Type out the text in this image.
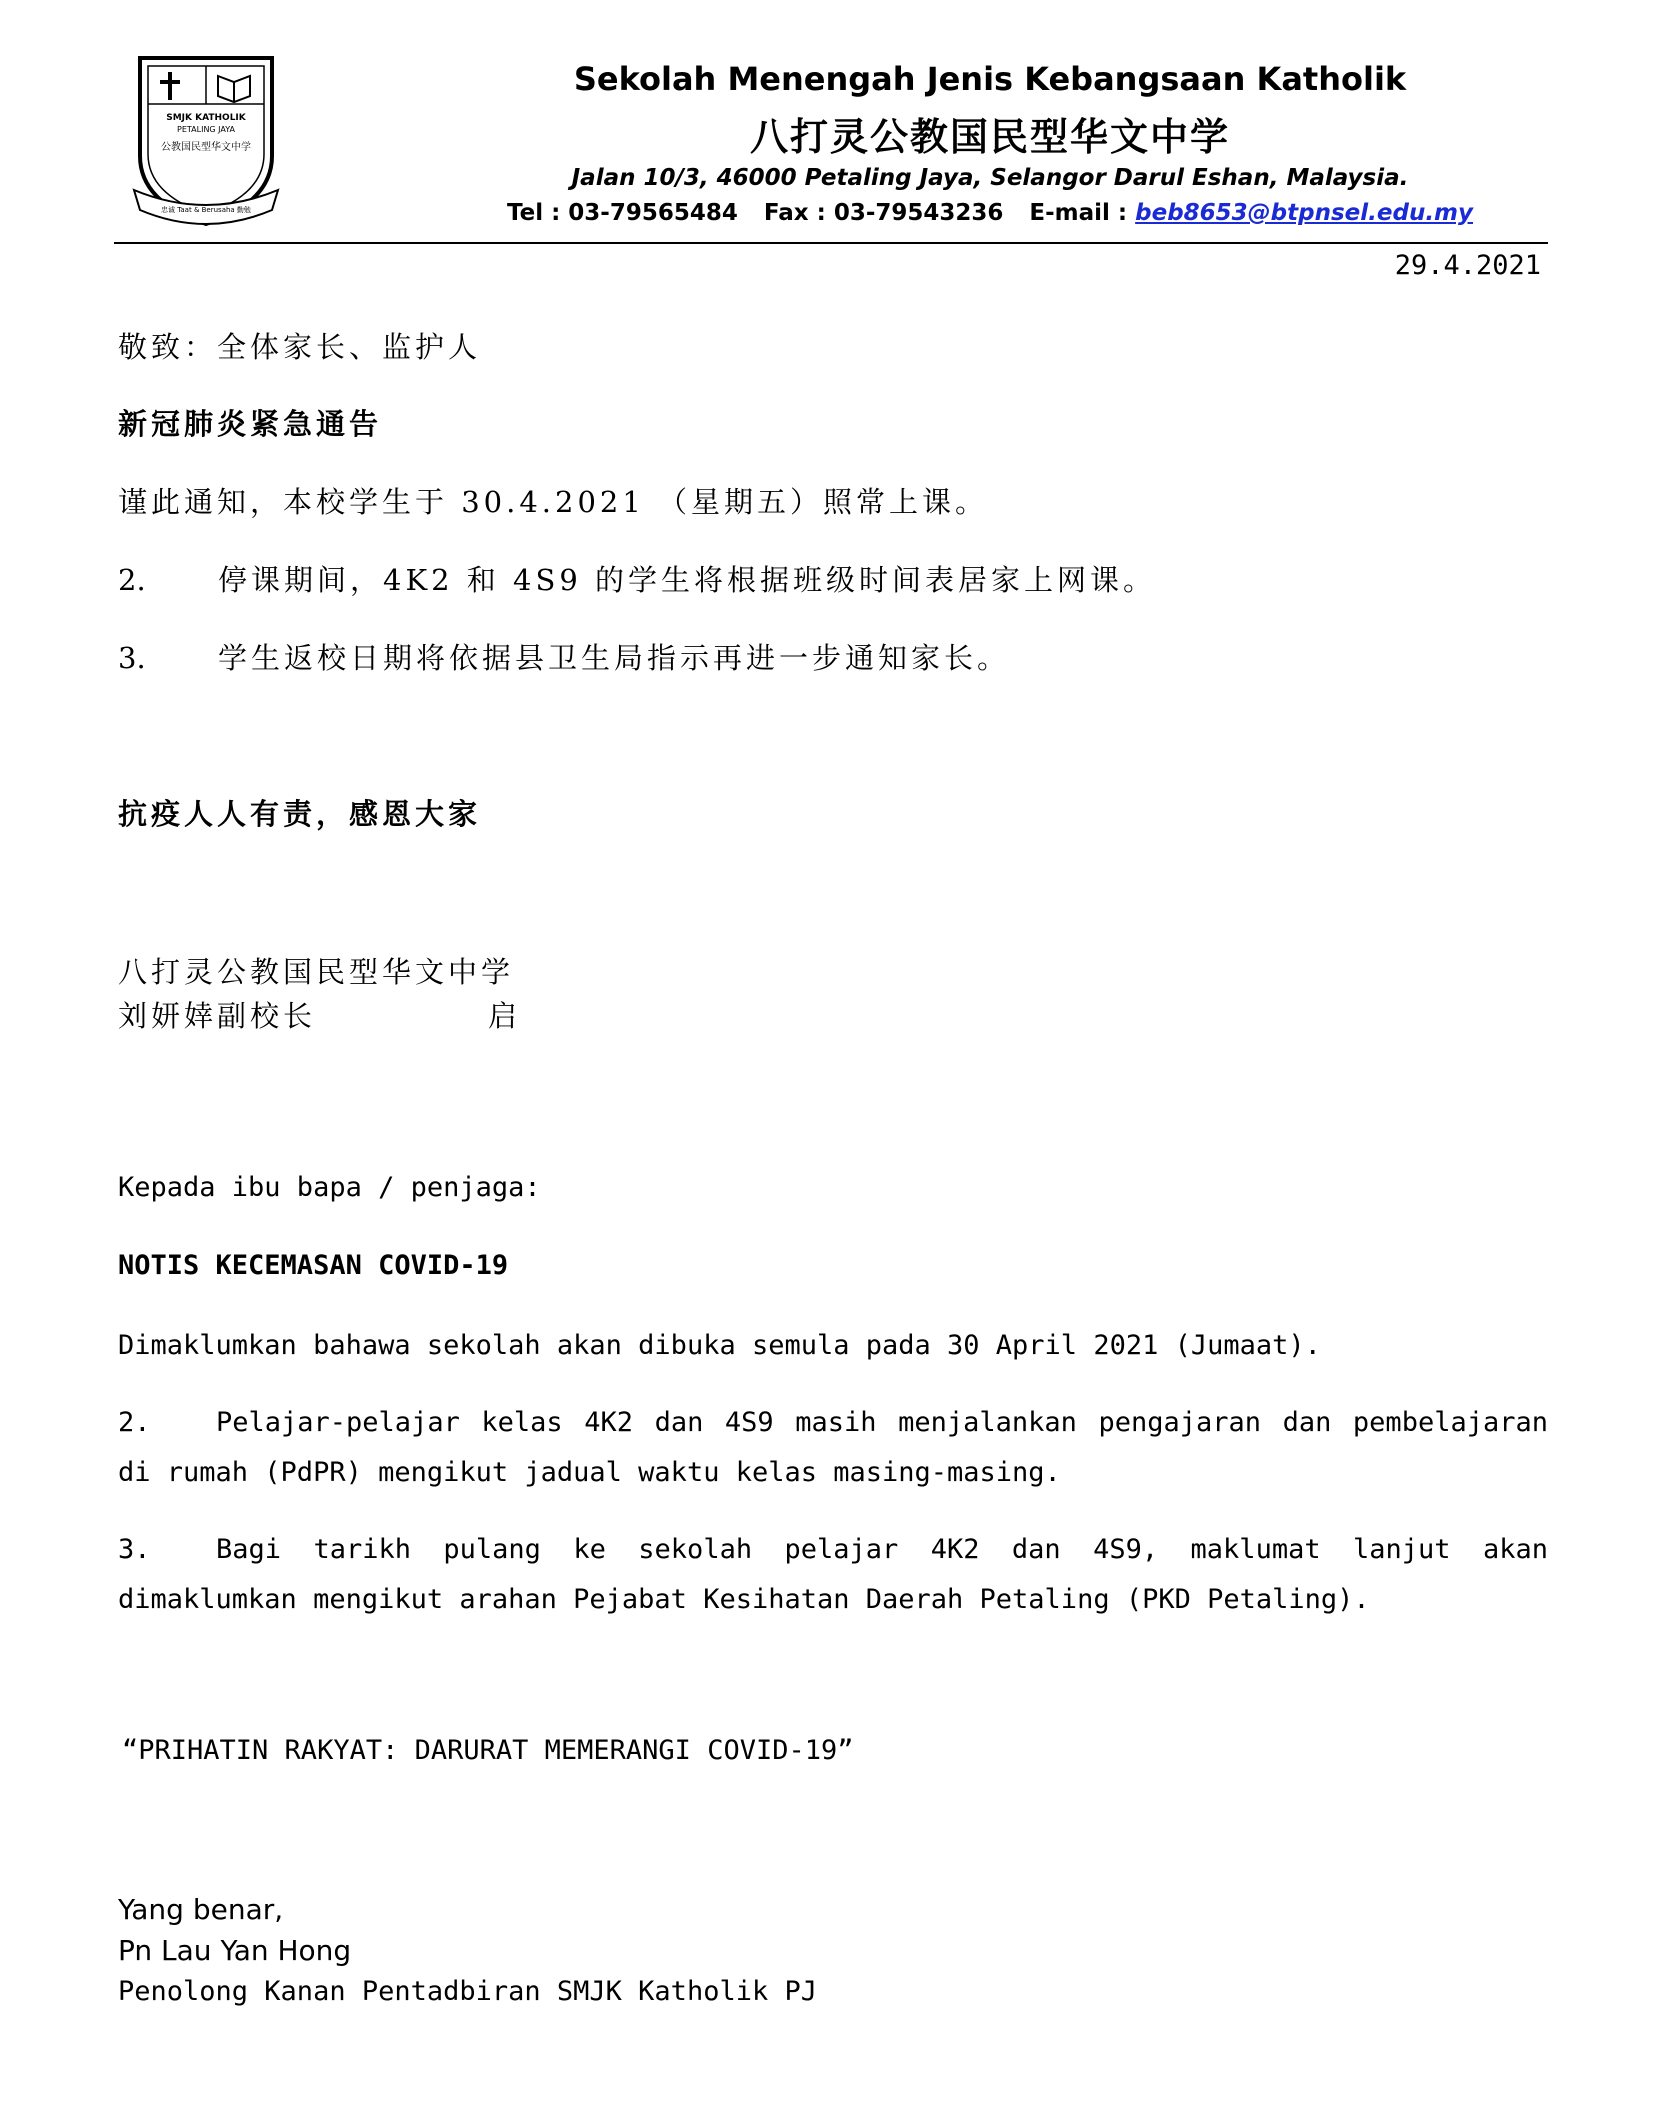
SMJK KATHOLIK
PETALING JAYA
公教国民型华文中学
忠诚 Taat & Berusaha 勤勉
Sekolah Menengah Jenis Kebangsaan Katholik
八打灵公教国民型华文中学
Jalan 10/3, 46000 Petaling Jaya, Selangor Darul Eshan, Malaysia.
Tel : 03-79565484 Fax : 03-79543236 E-mail : beb8653@btpnsel.edu.my
29.4.2021
敬致：全体家长、监护人
新冠肺炎紧急通告
谨此通知，本校学生于 30.4.2021 （星期五）照常上课。
2. 停课期间，4K2 和 4S9 的学生将根据班级时间表居家上网课。
3. 学生返校日期将依据县卫生局指示再进一步通知家长。
抗疫人人有责，感恩大家
八打灵公教国民型华文中学
刘妍婞副校长	启
Kepada ibu bapa / penjaga:
NOTIS KECEMASAN COVID-19
Dimaklumkan bahawa sekolah akan dibuka semula pada 30 April 2021 (Jumaat).
2. Pelajar-pelajar kelas 4K2 dan 4S9 masih menjalankan pengajaran dan pembelajaran di rumah (PdPR) mengikut jadual waktu kelas masing-masing.
3. Bagi tarikh pulang ke sekolah pelajar 4K2 dan 4S9, maklumat lanjut akan dimaklumkan mengikut arahan Pejabat Kesihatan Daerah Petaling (PKD Petaling).
“PRIHATIN RAKYAT: DARURAT MEMERANGI COVID-19”
Yang benar,
Pn Lau Yan Hong
Penolong Kanan Pentadbiran SMJK Katholik PJ
